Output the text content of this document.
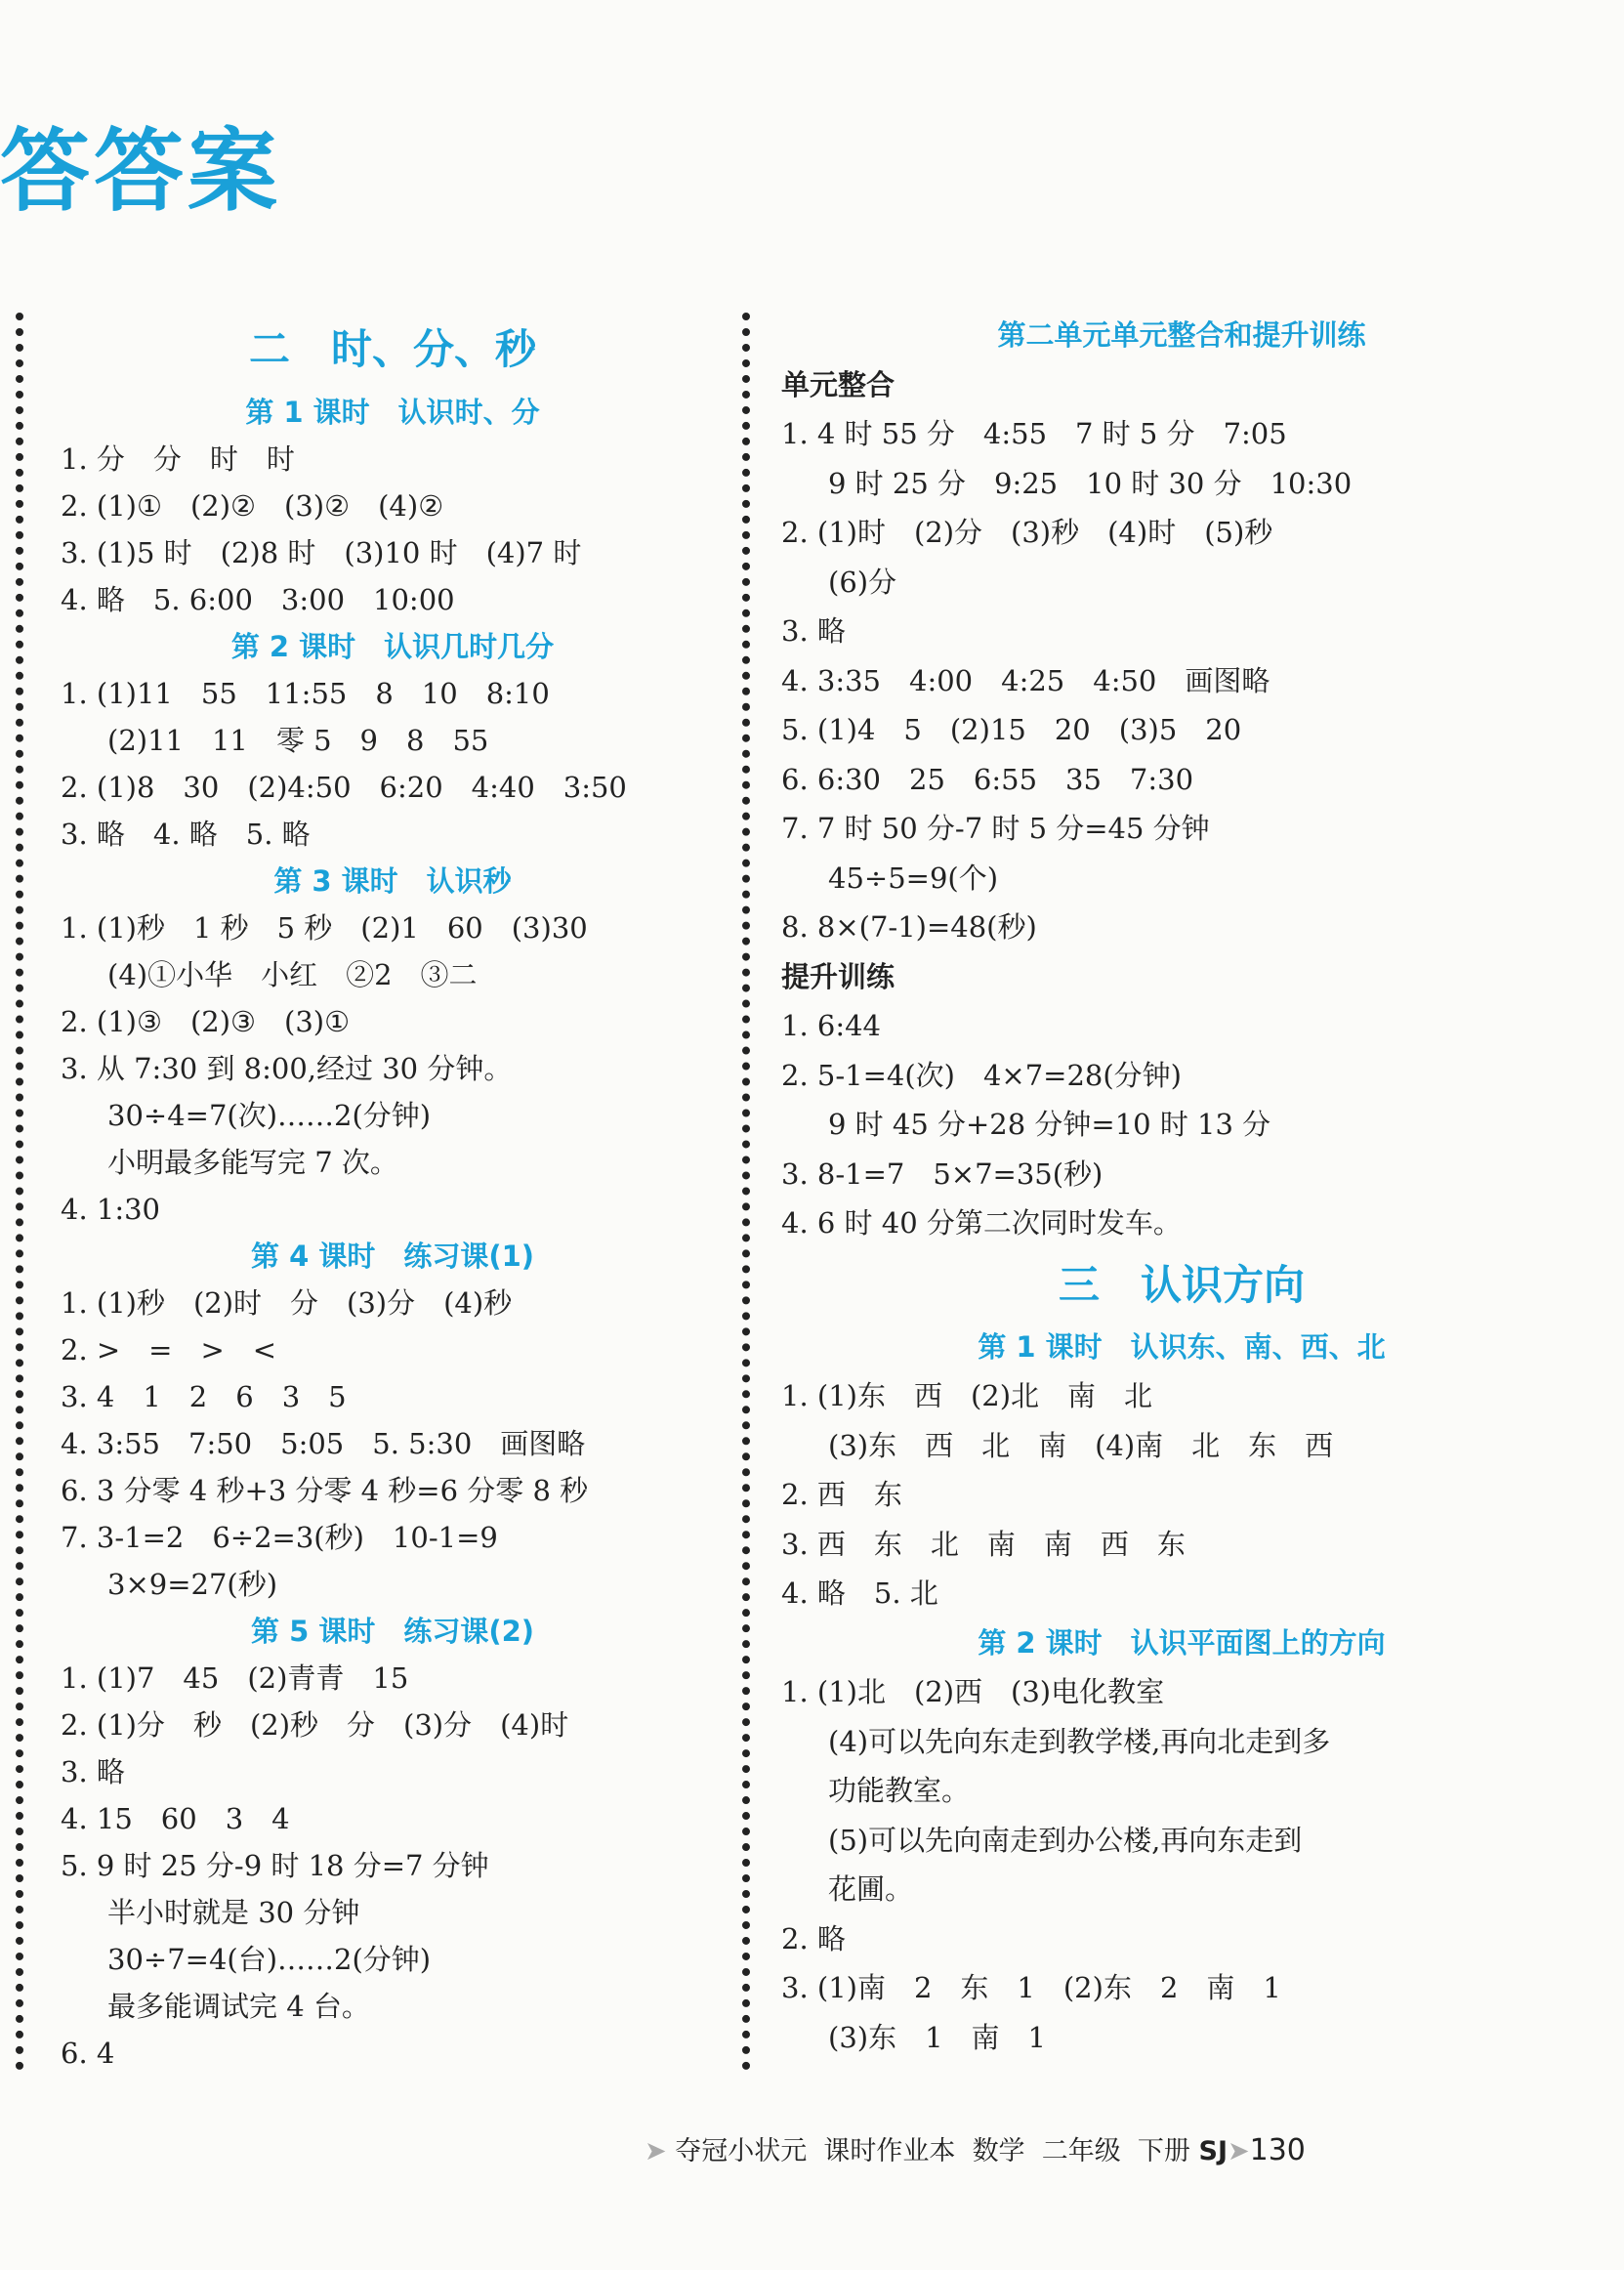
答答案
二　时、分、秒
第 1 课时　认识时、分
1. 分　分　时　时
2. (1)①　(2)②　(3)②　(4)②
3. (1)5 时　(2)8 时　(3)10 时　(4)7 时
4. 略　5. 6:00　3:00　10:00
第 2 课时　认识几时几分
1. (1)11　55　11:55　8　10　8:10
(2)11　11　零 5　9　8　55
2. (1)8　30　(2)4:50　6:20　4:40　3:50
3. 略　4. 略　5. 略
第 3 课时　认识秒
1. (1)秒　1 秒　5 秒　(2)1　60　(3)30
(4)①小华　小红　②2　③二
2. (1)③　(2)③　(3)①
3. 从 7:30 到 8:00,经过 30 分钟。
30÷4=7(次)……2(分钟)
小明最多能写完 7 次。
4. 1:30
第 4 课时　练习课(1)
1. (1)秒　(2)时　分　(3)分　(4)秒
2. >　=　>　<
3. 4　1　2　6　3　5
4. 3:55　7:50　5:05　5. 5:30　画图略
6. 3 分零 4 秒+3 分零 4 秒=6 分零 8 秒
7. 3-1=2　6÷2=3(秒)　10-1=9
3×9=27(秒)
第 5 课时　练习课(2)
1. (1)7　45　(2)青青　15
2. (1)分　秒　(2)秒　分　(3)分　(4)时
3. 略
4. 15　60　3　4
5. 9 时 25 分-9 时 18 分=7 分钟
半小时就是 30 分钟
30÷7=4(台)……2(分钟)
最多能调试完 4 台。
6. 4
第二单元单元整合和提升训练
单元整合
1. 4 时 55 分　4:55　7 时 5 分　7:05
9 时 25 分　9:25　10 时 30 分　10:30
2. (1)时　(2)分　(3)秒　(4)时　(5)秒
(6)分
3. 略
4. 3:35　4:00　4:25　4:50　画图略
5. (1)4　5　(2)15　20　(3)5　20
6. 6:30　25　6:55　35　7:30
7. 7 时 50 分-7 时 5 分=45 分钟
45÷5=9(个)
8. 8×(7-1)=48(秒)
提升训练
1. 6:44
2. 5-1=4(次)　4×7=28(分钟)
9 时 45 分+28 分钟=10 时 13 分
3. 8-1=7　5×7=35(秒)
4. 6 时 40 分第二次同时发车。
三　认识方向
第 1 课时　认识东、南、西、北
1. (1)东　西　(2)北　南　北
(3)东　西　北　南　(4)南　北　东　西
2. 西　东
3. 西　东　北　南　南　西　东
4. 略　5. 北
第 2 课时　认识平面图上的方向
1. (1)北　(2)西　(3)电化教室
(4)可以先向东走到教学楼,再向北走到多
功能教室。
(5)可以先向南走到办公楼,再向东走到
花圃。
2. 略
3. (1)南　2　东　1　(2)东　2　南　1
(3)东　1　南　1
➤ 夺冠小状元 课时作业本 数学 二年级 下册 SJ➤130
